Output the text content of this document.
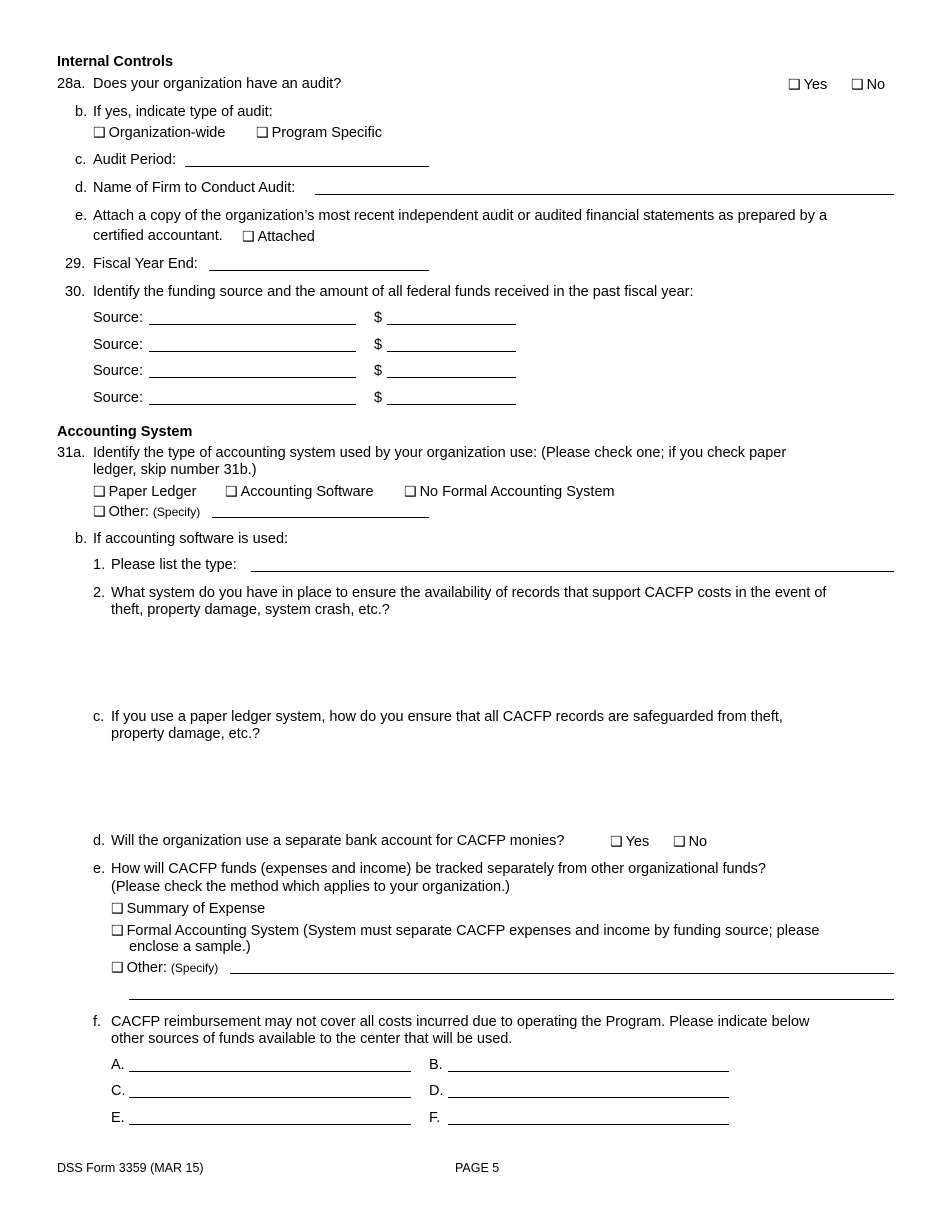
Internal Controls
28a. Does your organization have an audit?	❑ Yes ❑ No
b. If yes, indicate type of audit:
❑ Organization-wide ❑ Program Specific
c. Audit Period:
d. Name of Firm to Conduct Audit:
e. Attach a copy of the organization’s most recent independent audit or audited financial statements as prepared by a
certified accountant. ❑ Attached
29. Fiscal Year End:
30. Identify the funding source and the amount of all federal funds received in the past fiscal year:
Source:	$
Source:	$
Source:	$
Source:	$
Accounting System
31a. Identify the type of accounting system used by your organization use: (Please check one; if you check paper
ledger, skip number 31b.)
❑ Paper Ledger ❑ Accounting Software ❑ No Formal Accounting System
❑ Other: (Specify)
b. If accounting software is used:
1. Please list the type:
2. What system do you have in place to ensure the availability of records that support CACFP costs in the event of
theft, property damage, system crash, etc.?
c. If you use a paper ledger system, how do you ensure that all CACFP records are safeguarded from theft,
property damage, etc.?
d. Will the organization use a separate bank account for CACFP monies?	❑ Yes ❑ No
e. How will CACFP funds (expenses and income) be tracked separately from other organizational funds?
(Please check the method which applies to your organization.)
❑ Summary of Expense
❑ Formal Accounting System (System must separate CACFP expenses and income by funding source; please
enclose a sample.)
❑ Other: (Specify)
f. CACFP reimbursement may not cover all costs incurred due to operating the Program. Please indicate below
other sources of funds available to the center that will be used.
A.	B.
C.	D.
E.	F.
DSS Form 3359 (MAR 15)	PAGE 5
